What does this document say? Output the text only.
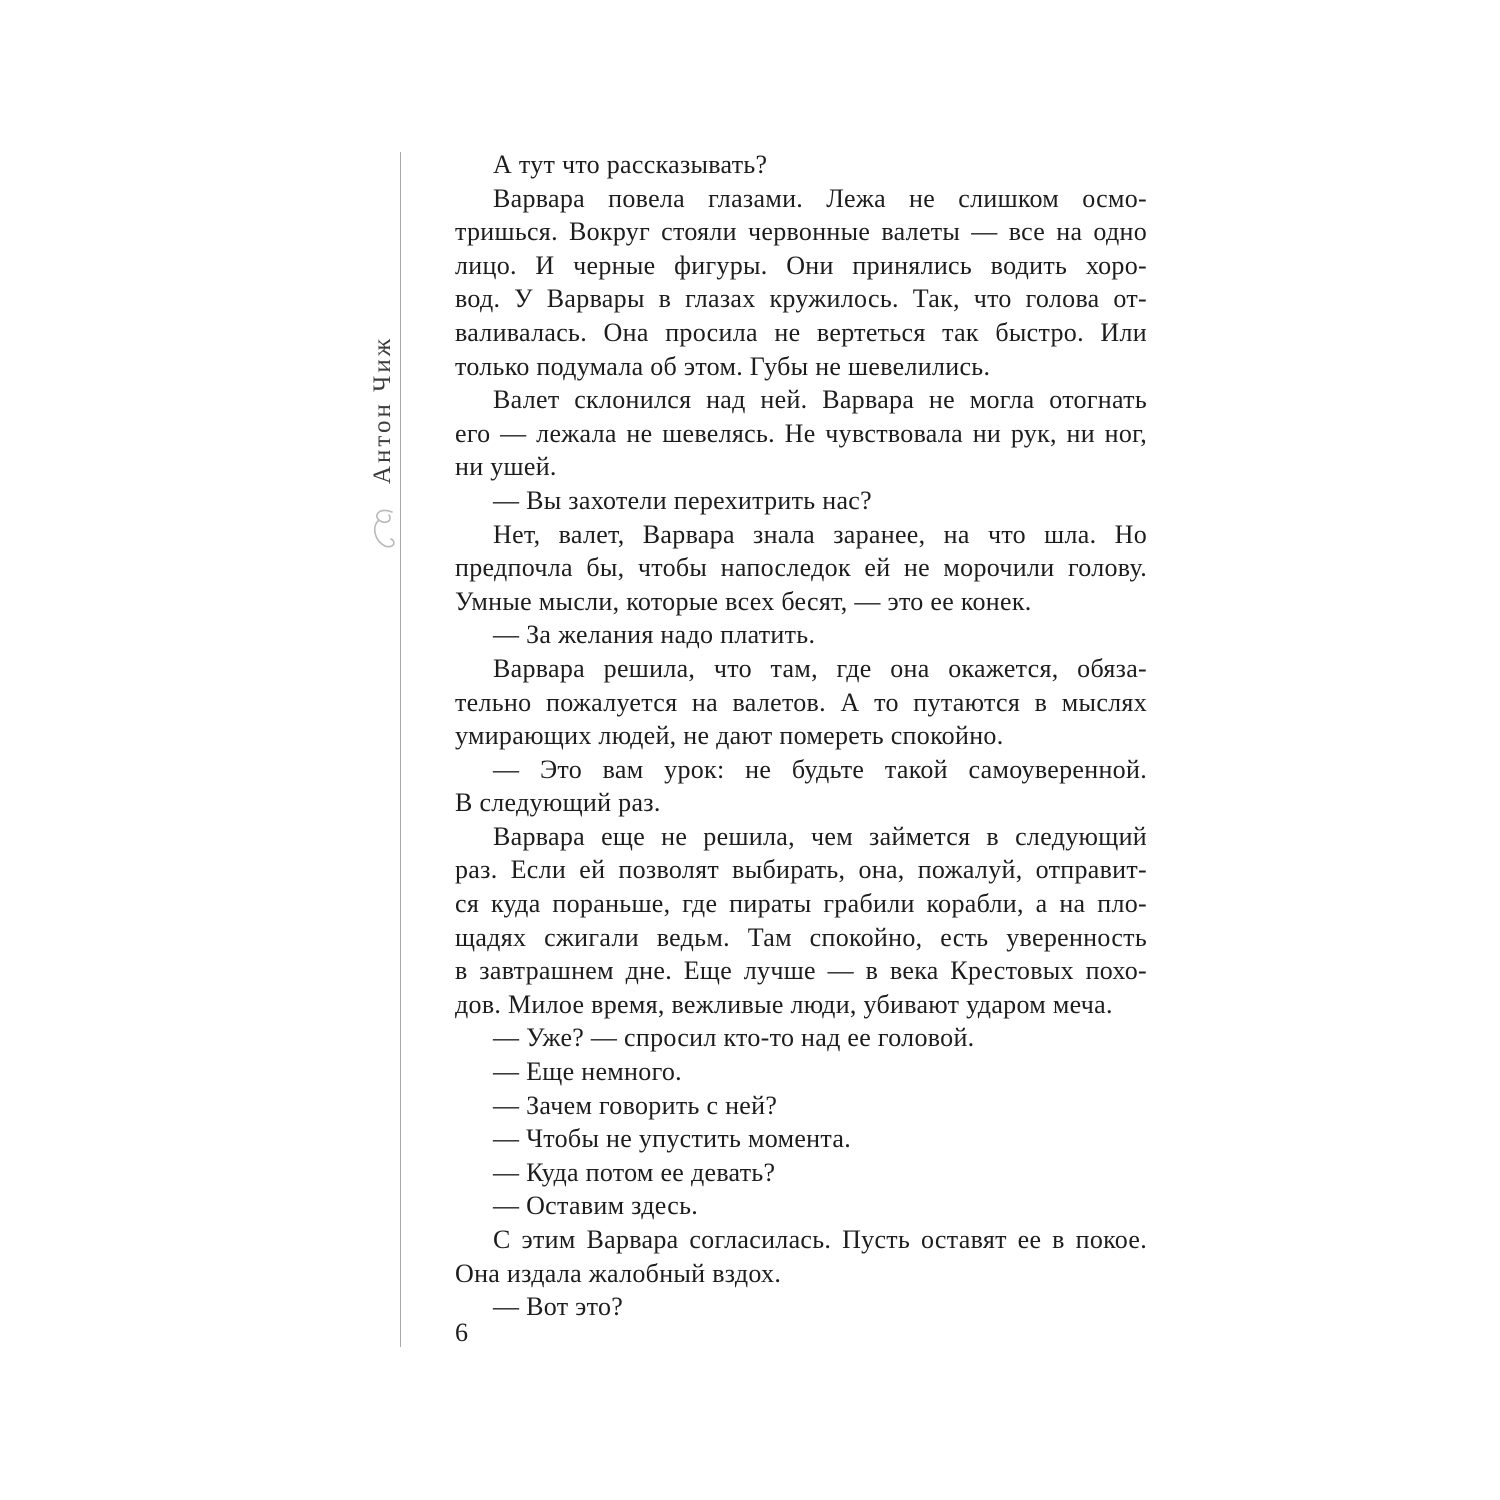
Антон Чиж
А тут что рассказывать?
Варвара повела глазами. Лежа не слишком осмо-
тришься. Вокруг стояли червонные валеты — все на одно
лицо. И черные фигуры. Они принялись водить хоро-
вод. У Варвары в глазах кружилось. Так, что голова от-
валивалась. Она просила не вертеться так быстро. Или
только подумала об этом. Губы не шевелились.
Валет склонился над ней. Варвара не могла отогнать
его — лежала не шевелясь. Не чувствовала ни рук, ни ног,
ни ушей.
— Вы захотели перехитрить нас?
Нет, валет, Варвара знала заранее, на что шла. Но
предпочла бы, чтобы напоследок ей не морочили голову.
Умные мысли, которые всех бесят, — это ее конек.
— За желания надо платить.
Варвара решила, что там, где она окажется, обяза-
тельно пожалуется на валетов. А то путаются в мыслях
умирающих людей, не дают помереть спокойно.
— Это вам урок: не будьте такой самоуверенной.
В следующий раз.
Варвара еще не решила, чем займется в следующий
раз. Если ей позволят выбирать, она, пожалуй, отправит-
ся куда пораньше, где пираты грабили корабли, а на пло-
щадях сжигали ведьм. Там спокойно, есть уверенность
в завтрашнем дне. Еще лучше — в века Крестовых похо-
дов. Милое время, вежливые люди, убивают ударом меча.
— Уже? — спросил кто-то над ее головой.
— Еще немного.
— Зачем говорить с ней?
— Чтобы не упустить момента.
— Куда потом ее девать?
— Оставим здесь.
С этим Варвара согласилась. Пусть оставят ее в покое.
Она издала жалобный вздох.
— Вот это?
6
